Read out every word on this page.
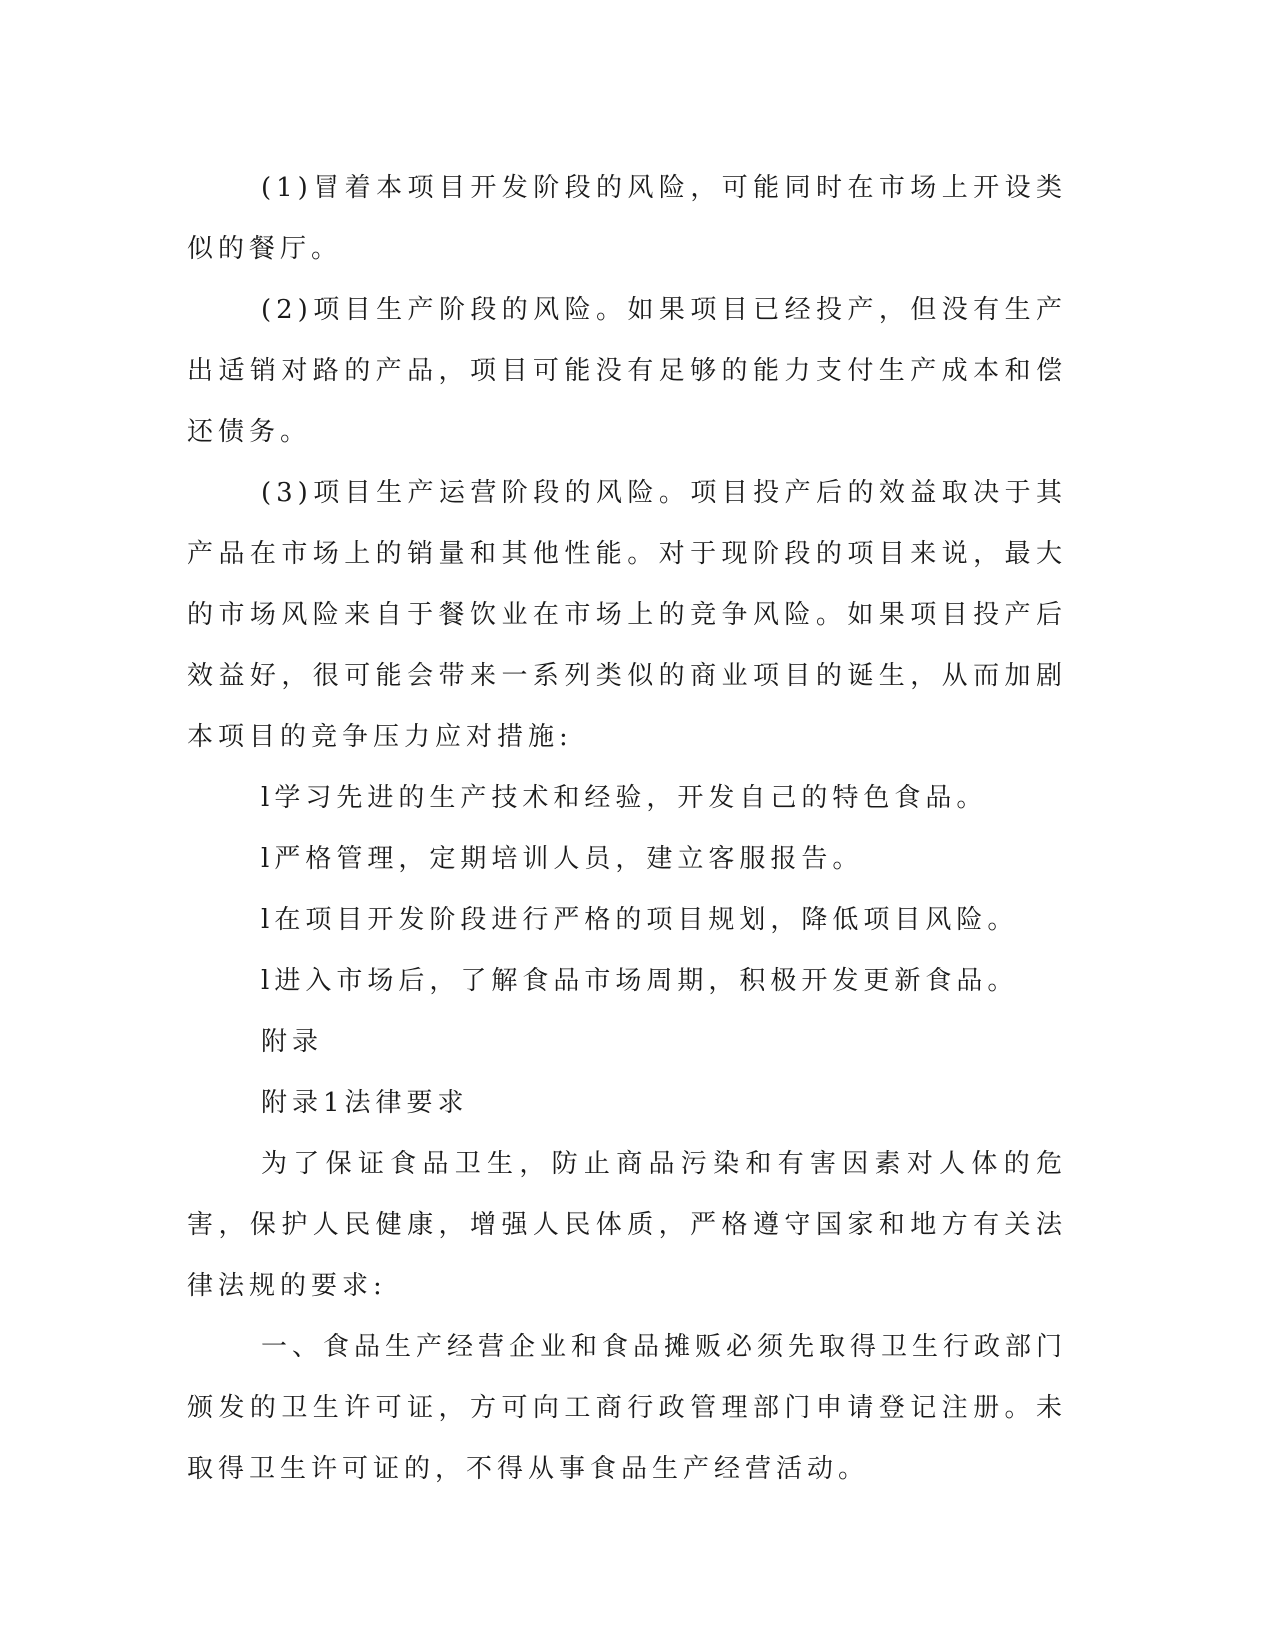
(1)冒着本项目开发阶段的风险，可能同时在市场上开设类似的餐厅。

(2)项目生产阶段的风险。如果项目已经投产，但没有生产出适销对路的产品，项目可能没有足够的能力支付生产成本和偿还债务。

(3)项目生产运营阶段的风险。项目投产后的效益取决于其产品在市场上的销量和其他性能。对于现阶段的项目来说，最大的市场风险来自于餐饮业在市场上的竞争风险。如果项目投产后效益好，很可能会带来一系列类似的商业项目的诞生，从而加剧本项目的竞争压力应对措施:

l学习先进的生产技术和经验，开发自己的特色食品。

l严格管理，定期培训人员，建立客服报告。

l在项目开发阶段进行严格的项目规划，降低项目风险。

l进入市场后，了解食品市场周期，积极开发更新食品。

附录

附录1法律要求

为了保证食品卫生，防止商品污染和有害因素对人体的危害，保护人民健康，增强人民体质，严格遵守国家和地方有关法律法规的要求:

一、食品生产经营企业和食品摊贩必须先取得卫生行政部门颁发的卫生许可证，方可向工商行政管理部门申请登记注册。未取得卫生许可证的，不得从事食品生产经营活动。
